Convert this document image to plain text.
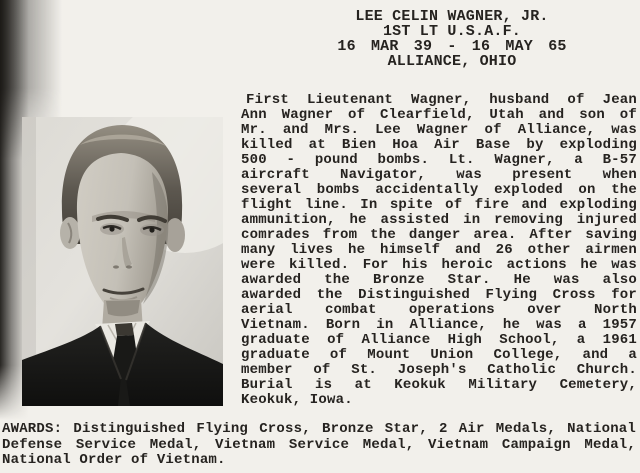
LEE CELIN WAGNER, JR.
1ST LT U.S.A.F.
16 MAR 39 - 16 MAY 65
ALLIANCE, OHIO
First Lieutenant Wagner, husband of Jean
Ann Wagner of Clearfield, Utah and son of
Mr. and Mrs. Lee Wagner of Alliance, was
killed at Bien Hoa Air Base by exploding
500 - pound bombs. Lt. Wagner, a B-57
aircraft Navigator, was present when
several bombs accidentally exploded on the
flight line. In spite of fire and exploding
ammunition, he assisted in removing injured
comrades from the danger area. After saving
many lives he himself and 26 other airmen
were killed. For his heroic actions he was
awarded the Bronze Star. He was also
awarded the Distinguished Flying Cross for
aerial combat operations over North
Vietnam. Born in Alliance, he was a 1957
graduate of Alliance High School, a 1961
graduate of Mount Union College, and a
member of St. Joseph's Catholic Church.
Burial is at Keokuk Military Cemetery,
Keokuk, Iowa.
AWARDS: Distinguished Flying Cross, Bronze Star, 2 Air Medals, National
Defense Service Medal, Vietnam Service Medal, Vietnam Campaign Medal,
National Order of Vietnam.
